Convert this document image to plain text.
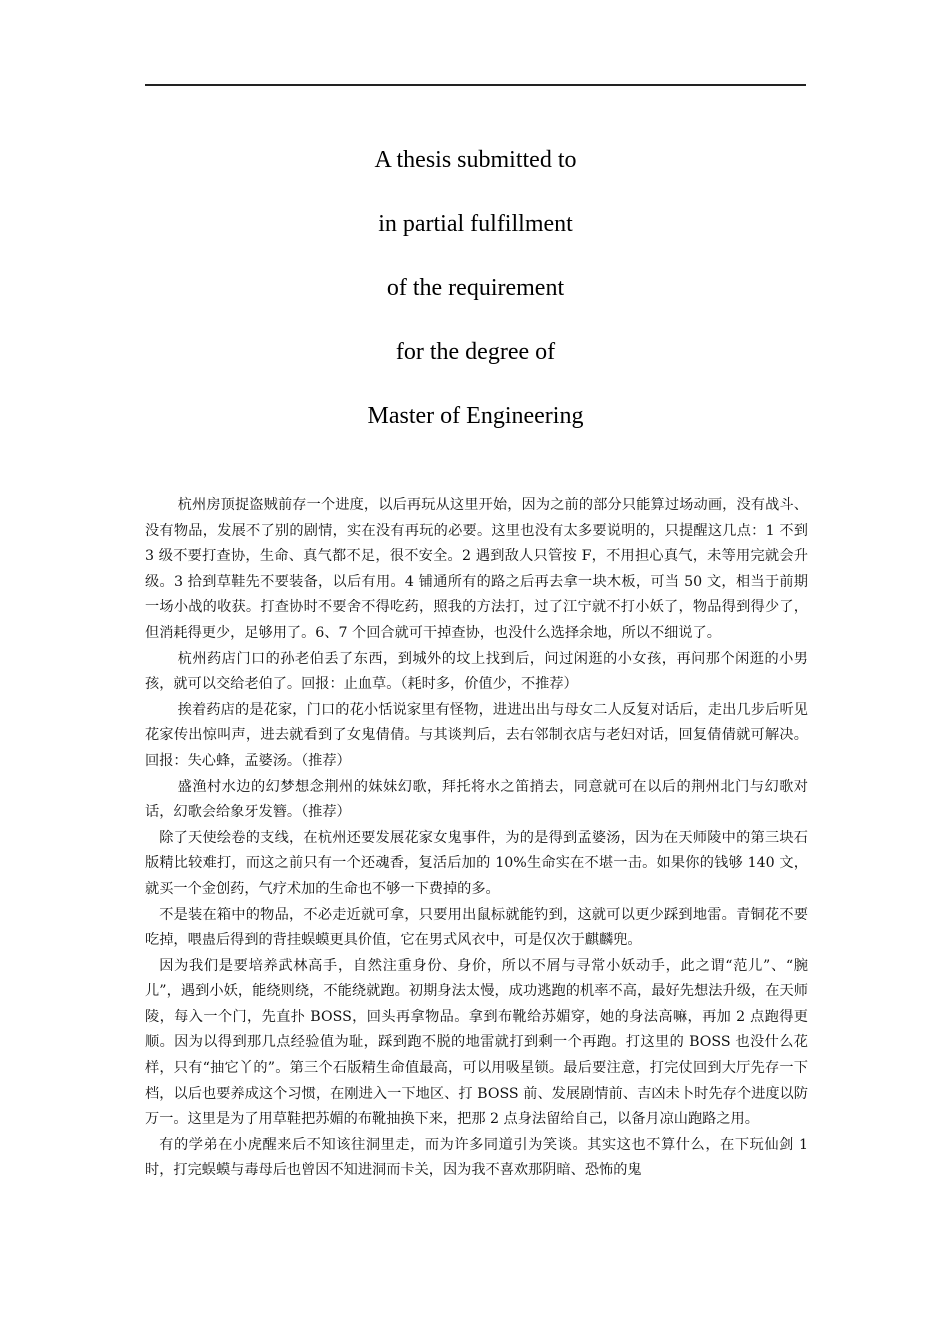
A thesis submitted to
in partial fulfillment
of the requirement
for the degree of
Master of Engineering

杭州房顶捉盗贼前存一个进度，以后再玩从这里开始，因为之前的部分只能算过场动画，没有战斗、没有物品，发展不了别的剧情，实在没有再玩的必要。这里也没有太多要说明的，只提醒这几点：1 不到 3 级不要打查协，生命、真气都不足，很不安全。2 遇到敌人只管按 F，不用担心真气，未等用完就会升级。3 拾到草鞋先不要装备，以后有用。4 铺通所有的路之后再去拿一块木板，可当 50 文，相当于前期一场小战的收获。打查协时不要舍不得吃药，照我的方法打，过了江宁就不打小妖了，物品得到得少了，但消耗得更少，足够用了。6、7 个回合就可干掉查协，也没什么选择余地，所以不细说了。

杭州药店门口的孙老伯丢了东西，到城外的坟上找到后，问过闲逛的小女孩，再问那个闲逛的小男孩，就可以交给老伯了。回报：止血草。（耗时多，价值少，不推荐）

挨着药店的是花家，门口的花小恬说家里有怪物，进进出出与母女二人反复对话后，走出几步后听见花家传出惊叫声，进去就看到了女鬼倩倩。与其谈判后，去右邻制衣店与老妇对话，回复倩倩就可解决。回报：失心蜂，孟婆汤。（推荐）

盛渔村水边的幻梦想念荆州的妹妹幻歌，拜托将水之笛捎去，同意就可在以后的荆州北门与幻歌对话，幻歌会给象牙发簪。（推荐）

除了天使绘卷的支线，在杭州还要发展花家女鬼事件，为的是得到孟婆汤，因为在天师陵中的第三块石版精比较难打，而这之前只有一个还魂香，复活后加的 10%生命实在不堪一击。如果你的钱够 140 文，就买一个金创药，气疗术加的生命也不够一下费掉的多。

不是装在箱中的物品，不必走近就可拿，只要用出鼠标就能钓到，这就可以更少踩到地雷。青铜花不要吃掉，喂蛊后得到的背挂蜈蟆更具价值，它在男式风衣中，可是仅次于麒麟兜。

因为我们是要培养武林高手，自然注重身份、身价，所以不屑与寻常小妖动手，此之谓“范儿”、“腕儿”，遇到小妖，能绕则绕，不能绕就跑。初期身法太慢，成功逃跑的机率不高，最好先想法升级，在天师陵，每入一个门，先直扑 BOSS，回头再拿物品。拿到布靴给苏媚穿，她的身法高嘛，再加 2 点跑得更顺。因为以得到那几点经验值为耻，踩到跑不脱的地雷就打到剩一个再跑。打这里的 BOSS 也没什么花样，只有“抽它丫的”。第三个石版精生命值最高，可以用吸星锁。最后要注意，打完仗回到大厅先存一下档，以后也要养成这个习惯，在刚进入一下地区、打 BOSS 前、发展剧情前、吉凶未卜时先存个进度以防万一。这里是为了用草鞋把苏媚的布靴抽换下来，把那 2 点身法留给自己，以备月凉山跑路之用。

有的学弟在小虎醒来后不知该往洞里走，而为许多同道引为笑谈。其实这也不算什么，在下玩仙剑 1 时，打完蜈蟆与毒母后也曾因不知进洞而卡关，因为我不喜欢那阴暗、恐怖的鬼
